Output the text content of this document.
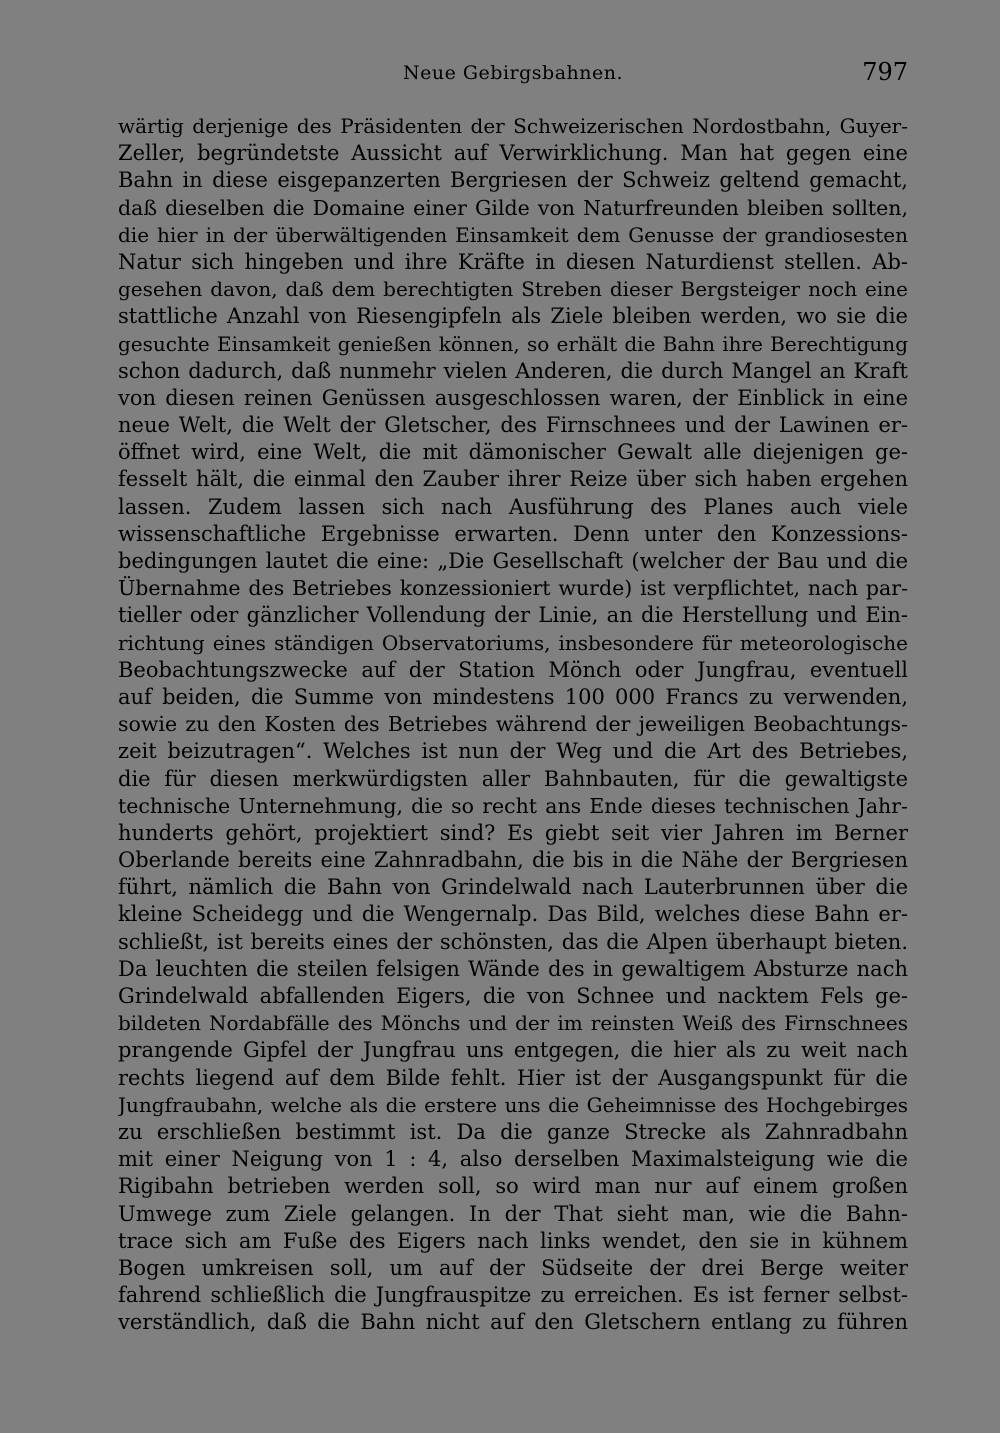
Neue Gebirgsbahnen.	797
wärtig derjenige des Präsidenten der Schweizerischen Nordostbahn, Guyer-
Zeller, begründetste Aussicht auf Verwirklichung. Man hat gegen eine
Bahn in diese eisgepanzerten Bergriesen der Schweiz geltend gemacht,
daß dieselben die Domaine einer Gilde von Naturfreunden bleiben sollten,
die hier in der überwältigenden Einsamkeit dem Genusse der grandiosesten
Natur sich hingeben und ihre Kräfte in diesen Naturdienst stellen. Ab-
gesehen davon, daß dem berechtigten Streben dieser Bergsteiger noch eine
stattliche Anzahl von Riesengipfeln als Ziele bleiben werden, wo sie die
gesuchte Einsamkeit genießen können, so erhält die Bahn ihre Berechtigung
schon dadurch, daß nunmehr vielen Anderen, die durch Mangel an Kraft
von diesen reinen Genüssen ausgeschlossen waren, der Einblick in eine
neue Welt, die Welt der Gletscher, des Firnschnees und der Lawinen er-
öffnet wird, eine Welt, die mit dämonischer Gewalt alle diejenigen ge-
fesselt hält, die einmal den Zauber ihrer Reize über sich haben ergehen
lassen. Zudem lassen sich nach Ausführung des Planes auch viele
wissenschaftliche Ergebnisse erwarten. Denn unter den Konzessions-
bedingungen lautet die eine: „Die Gesellschaft (welcher der Bau und die
Übernahme des Betriebes konzessioniert wurde) ist verpflichtet, nach par-
tieller oder gänzlicher Vollendung der Linie, an die Herstellung und Ein-
richtung eines ständigen Observatoriums, insbesondere für meteorologische
Beobachtungszwecke auf der Station Mönch oder Jungfrau, eventuell
auf beiden, die Summe von mindestens 100 000 Francs zu verwenden,
sowie zu den Kosten des Betriebes während der jeweiligen Beobachtungs-
zeit beizutragen“. Welches ist nun der Weg und die Art des Betriebes,
die für diesen merkwürdigsten aller Bahnbauten, für die gewaltigste
technische Unternehmung, die so recht ans Ende dieses technischen Jahr-
hunderts gehört, projektiert sind? Es giebt seit vier Jahren im Berner
Oberlande bereits eine Zahnradbahn, die bis in die Nähe der Bergriesen
führt, nämlich die Bahn von Grindelwald nach Lauterbrunnen über die
kleine Scheidegg und die Wengernalp. Das Bild, welches diese Bahn er-
schließt, ist bereits eines der schönsten, das die Alpen überhaupt bieten.
Da leuchten die steilen felsigen Wände des in gewaltigem Absturze nach
Grindelwald abfallenden Eigers, die von Schnee und nacktem Fels ge-
bildeten Nordabfälle des Mönchs und der im reinsten Weiß des Firnschnees
prangende Gipfel der Jungfrau uns entgegen, die hier als zu weit nach
rechts liegend auf dem Bilde fehlt. Hier ist der Ausgangspunkt für die
Jungfraubahn, welche als die erstere uns die Geheimnisse des Hochgebirges
zu erschließen bestimmt ist. Da die ganze Strecke als Zahnradbahn
mit einer Neigung von 1 : 4, also derselben Maximalsteigung wie die
Rigibahn betrieben werden soll, so wird man nur auf einem großen
Umwege zum Ziele gelangen. In der That sieht man, wie die Bahn-
trace sich am Fuße des Eigers nach links wendet, den sie in kühnem
Bogen umkreisen soll, um auf der Südseite der drei Berge weiter
fahrend schließlich die Jungfrauspitze zu erreichen. Es ist ferner selbst-
verständlich, daß die Bahn nicht auf den Gletschern entlang zu führen
